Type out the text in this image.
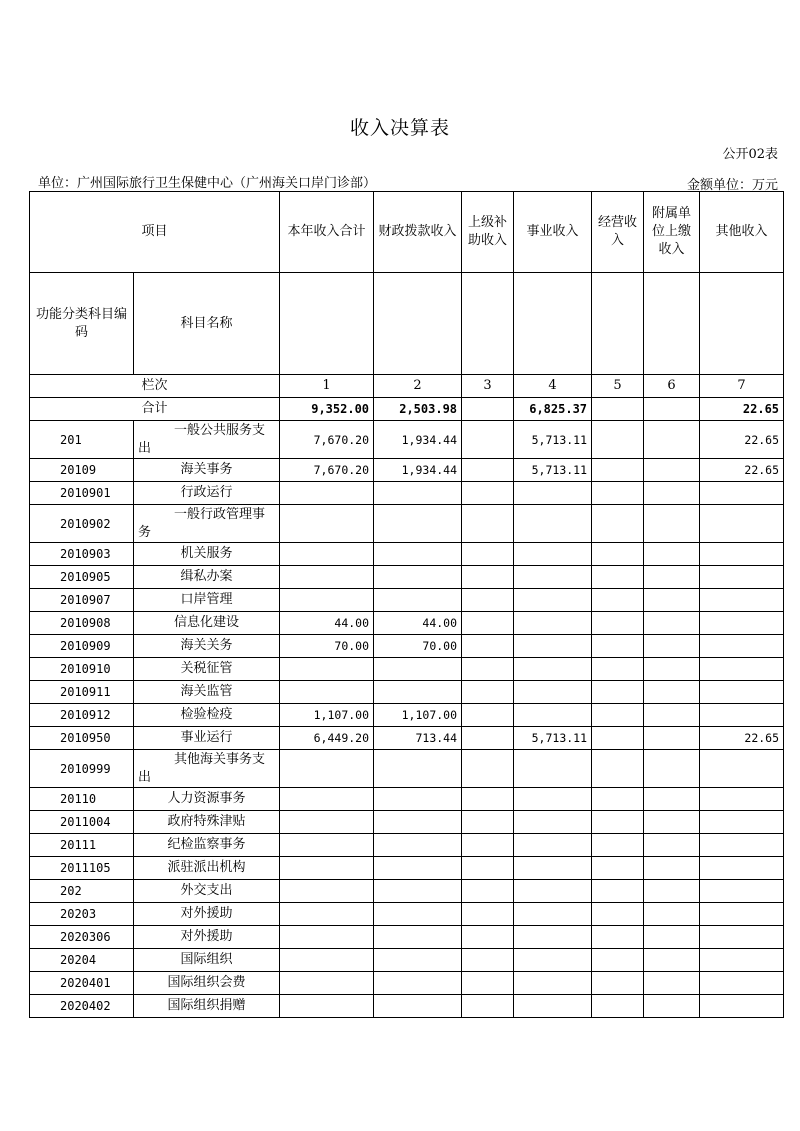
收入决算表
公开02表
单位：广州国际旅行卫生保健中心（广州海关口岸门诊部）	金额单位：万元
项目		本年收入合计	财政拨款收入	上级补助收入	事业收入	经营收入	附属单位上缴收入	其他收入
功能分类科目编码	科目名称							
栏次		1	2	3	4	5	6	7
合计		9,352.00	2,503.98		6,825.37			22.65
201	一般公共服务支出	7,670.20	1,934.44		5,713.11			22.65
20109	海关事务	7,670.20	1,934.44		5,713.11			22.65
2010901	行政运行							
2010902	一般行政管理事务							
2010903	机关服务							
2010905	缉私办案							
2010907	口岸管理							
2010908	信息化建设	44.00	44.00					
2010909	海关关务	70.00	70.00					
2010910	关税征管							
2010911	海关监管							
2010912	检验检疫	1,107.00	1,107.00					
2010950	事业运行	6,449.20	713.44		5,713.11			22.65
2010999	其他海关事务支出							
20110	人力资源事务							
2011004	政府特殊津贴							
20111	纪检监察事务							
2011105	派驻派出机构							
202	外交支出							
20203	对外援助							
2020306	对外援助							
20204	国际组织							
2020401	国际组织会费							
2020402	国际组织捐赠							
